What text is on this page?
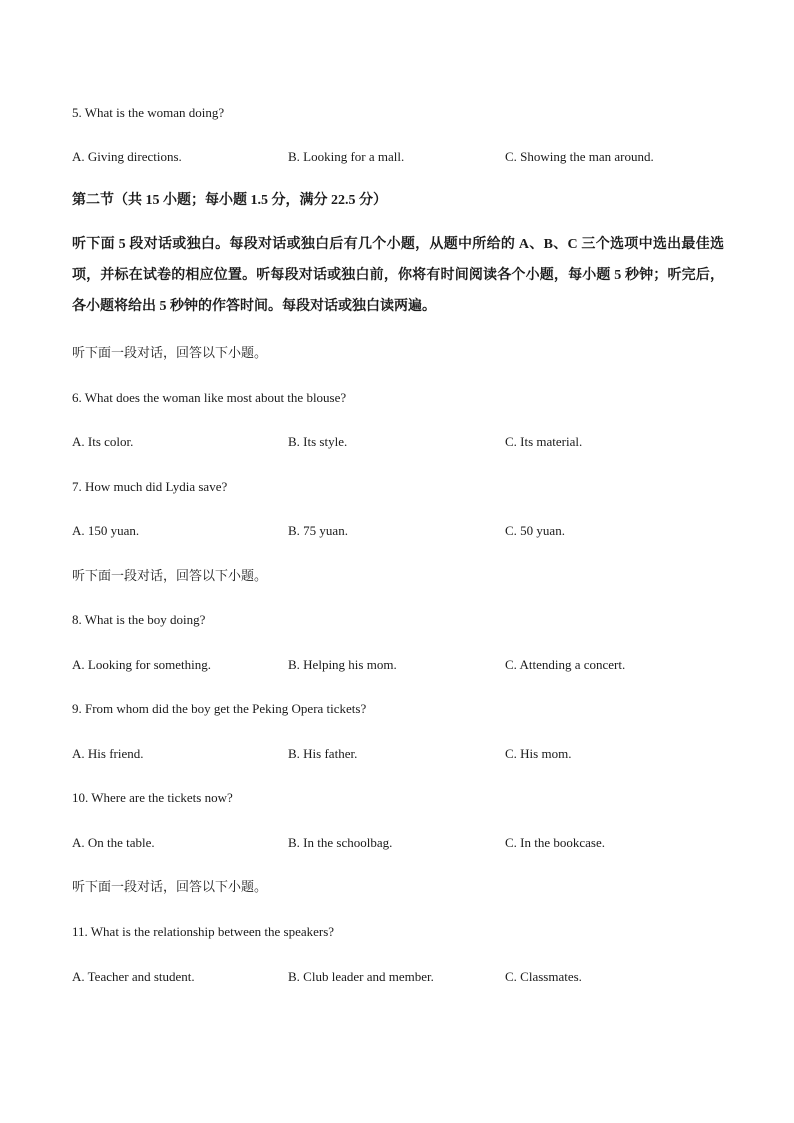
5. What is the woman doing?
A. Giving directions.	B. Looking for a mall.	C. Showing the man around.
第二节（共 15 小题；每小题 1.5 分，满分 22.5 分）
听下面 5 段对话或独白。每段对话或独白后有几个小题，从题中所给的 A、B、C 三个选项中选出最佳选项，并标在试卷的相应位置。听每段对话或独白前，你将有时间阅读各个小题，每小题 5 秒钟；听完后，各小题将给出 5 秒钟的作答时间。每段对话或独白读两遍。
听下面一段对话，回答以下小题。
6. What does the woman like most about the blouse?
A. Its color.	B. Its style.	C. Its material.
7. How much did Lydia save?
A. 150 yuan.	B. 75 yuan.	C. 50 yuan.
听下面一段对话，回答以下小题。
8. What is the boy doing?
A. Looking for something.	B. Helping his mom.	C. Attending a concert.
9. From whom did the boy get the Peking Opera tickets?
A. His friend.	B. His father.	C. His mom.
10. Where are the tickets now?
A. On the table.	B. In the schoolbag.	C. In the bookcase.
听下面一段对话，回答以下小题。
11. What is the relationship between the speakers?
A. Teacher and student.	B. Club leader and member.	C. Classmates.
